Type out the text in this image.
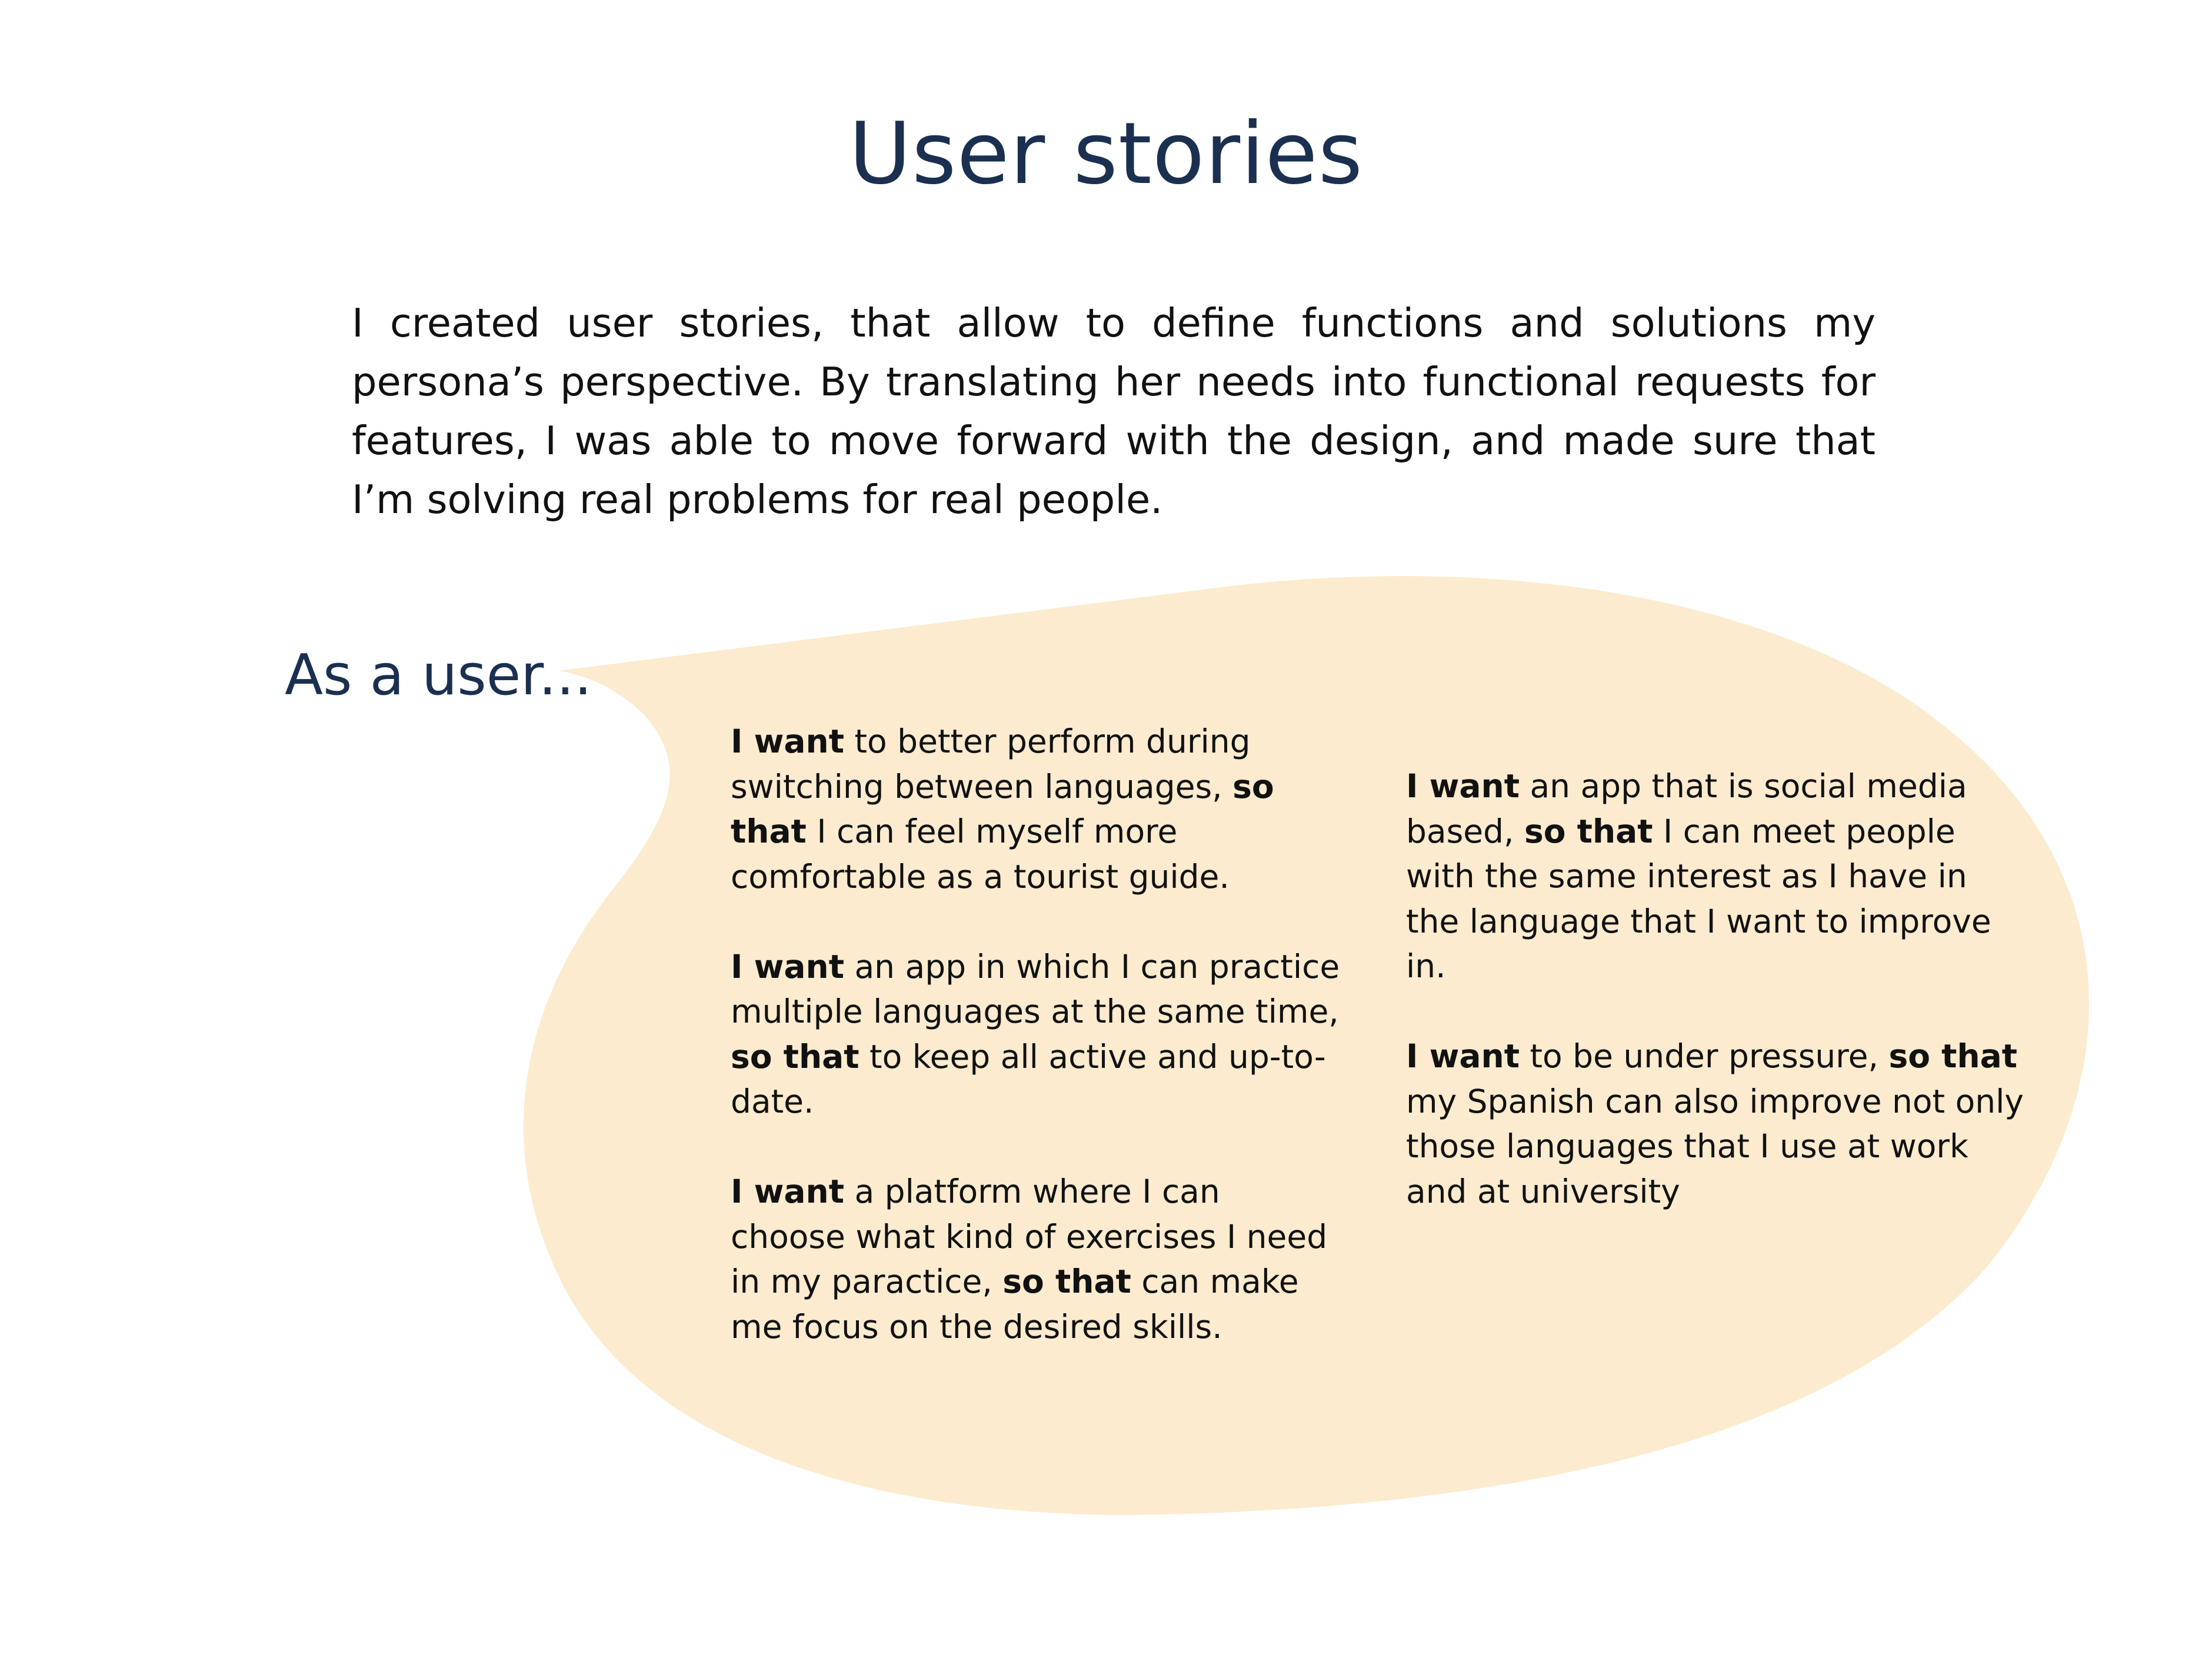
User stories

I created user stories, that allow to define functions and solutions my persona’s perspective. By translating her needs into functional requests for features, I was able to move forward with the design, and made sure that I’m solving real problems for real people.

As a user...

I want to better perform during switching between languages, so that I can feel myself more comfortable as a tourist guide.

I want an app in which I can practice multiple languages at the same time, so that to keep all active and up-to-date.

I want a platform where I can choose what kind of exercises I need in my paractice, so that can make me focus on the desired skills.

I want an app that is social media based, so that I can meet people with the same interest as I have in the language that I want to improve in.

I want to be under pressure, so that my Spanish can also improve not only those languages that I use at work and at university
